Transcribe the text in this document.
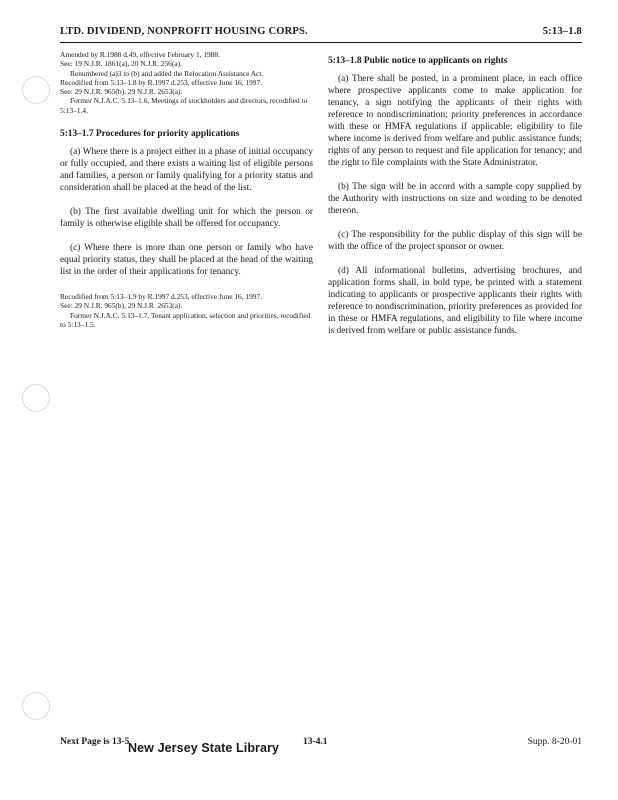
LTD. DIVIDEND, NONPROFIT HOUSING CORPS.	5:13–1.8

Amended by R.1988 d.49, effective February 1, 1988.

See: 19 N.J.R. 1861(a), 20 N.J.R. 256(a).

Renumbered (a)3 to (b) and added the Relocation Assistance Act.

Recodified from 5:13–1.8 by R.1997 d.253, effective June 16, 1997.

See: 29 N.J.R. 965(b), 29 N.J.R. 2653(a).

Former N.J.A.C. 5:13–1.6, Meetings of stockholders and directors, recodified to 5:13–1.4.

5:13–1.7 Procedures for priority applications

(a) Where there is a project either in a phase of initial occupancy or fully occupied, and there exists a waiting list of eligible persons and families, a person or family qualifying for a priority status and consideration shall be placed at the head of the list.

(b) The first available dwelling unit for which the person or family is otherwise eligible shall be offered for occupancy.

(c) Where there is more than one person or family who have equal priority status, they shall be placed at the head of the waiting list in the order of their applications for tenancy.

Recodified from 5:13–1.9 by R.1997 d.253, effective June 16, 1997.

See: 29 N.J.R. 965(b), 29 N.J.R. 2653(a).

Former N.J.A.C. 5:13–1.7, Tenant application, selection and priorities, recodified to 5:13–1.5.

5:13–1.8 Public notice to applicants on rights

(a) There shall be posted, in a prominent place, in each office where prospective applicants come to make application for tenancy, a sign notifying the applicants of their rights with reference to nondiscrimination; priority preferences in accordance with these or HMFA regulations if applicable; eligibility to file where income is derived from welfare and public assistance funds; rights of any person to request and file application for tenancy; and the right to file complaints with the State Administrator.

(b) The sign will be in accord with a sample copy supplied by the Authority with instructions on size and wording to be denoted thereon.

(c) The responsibility for the public display of this sign will be with the office of the project sponsor or owner.

(d) All informational bulletins, advertising brochures, and application forms shall, in bold type, be printed with a statement indicating to applicants or prospective applicants their rights with reference to nondiscrimination, priority preferences as provided for in these or HMFA regulations, and eligibility to file where income is derived from welfare or public assistance funds.

Next Page is 13-5
New Jersey State Library	13-4.1	Supp. 8-20-01
